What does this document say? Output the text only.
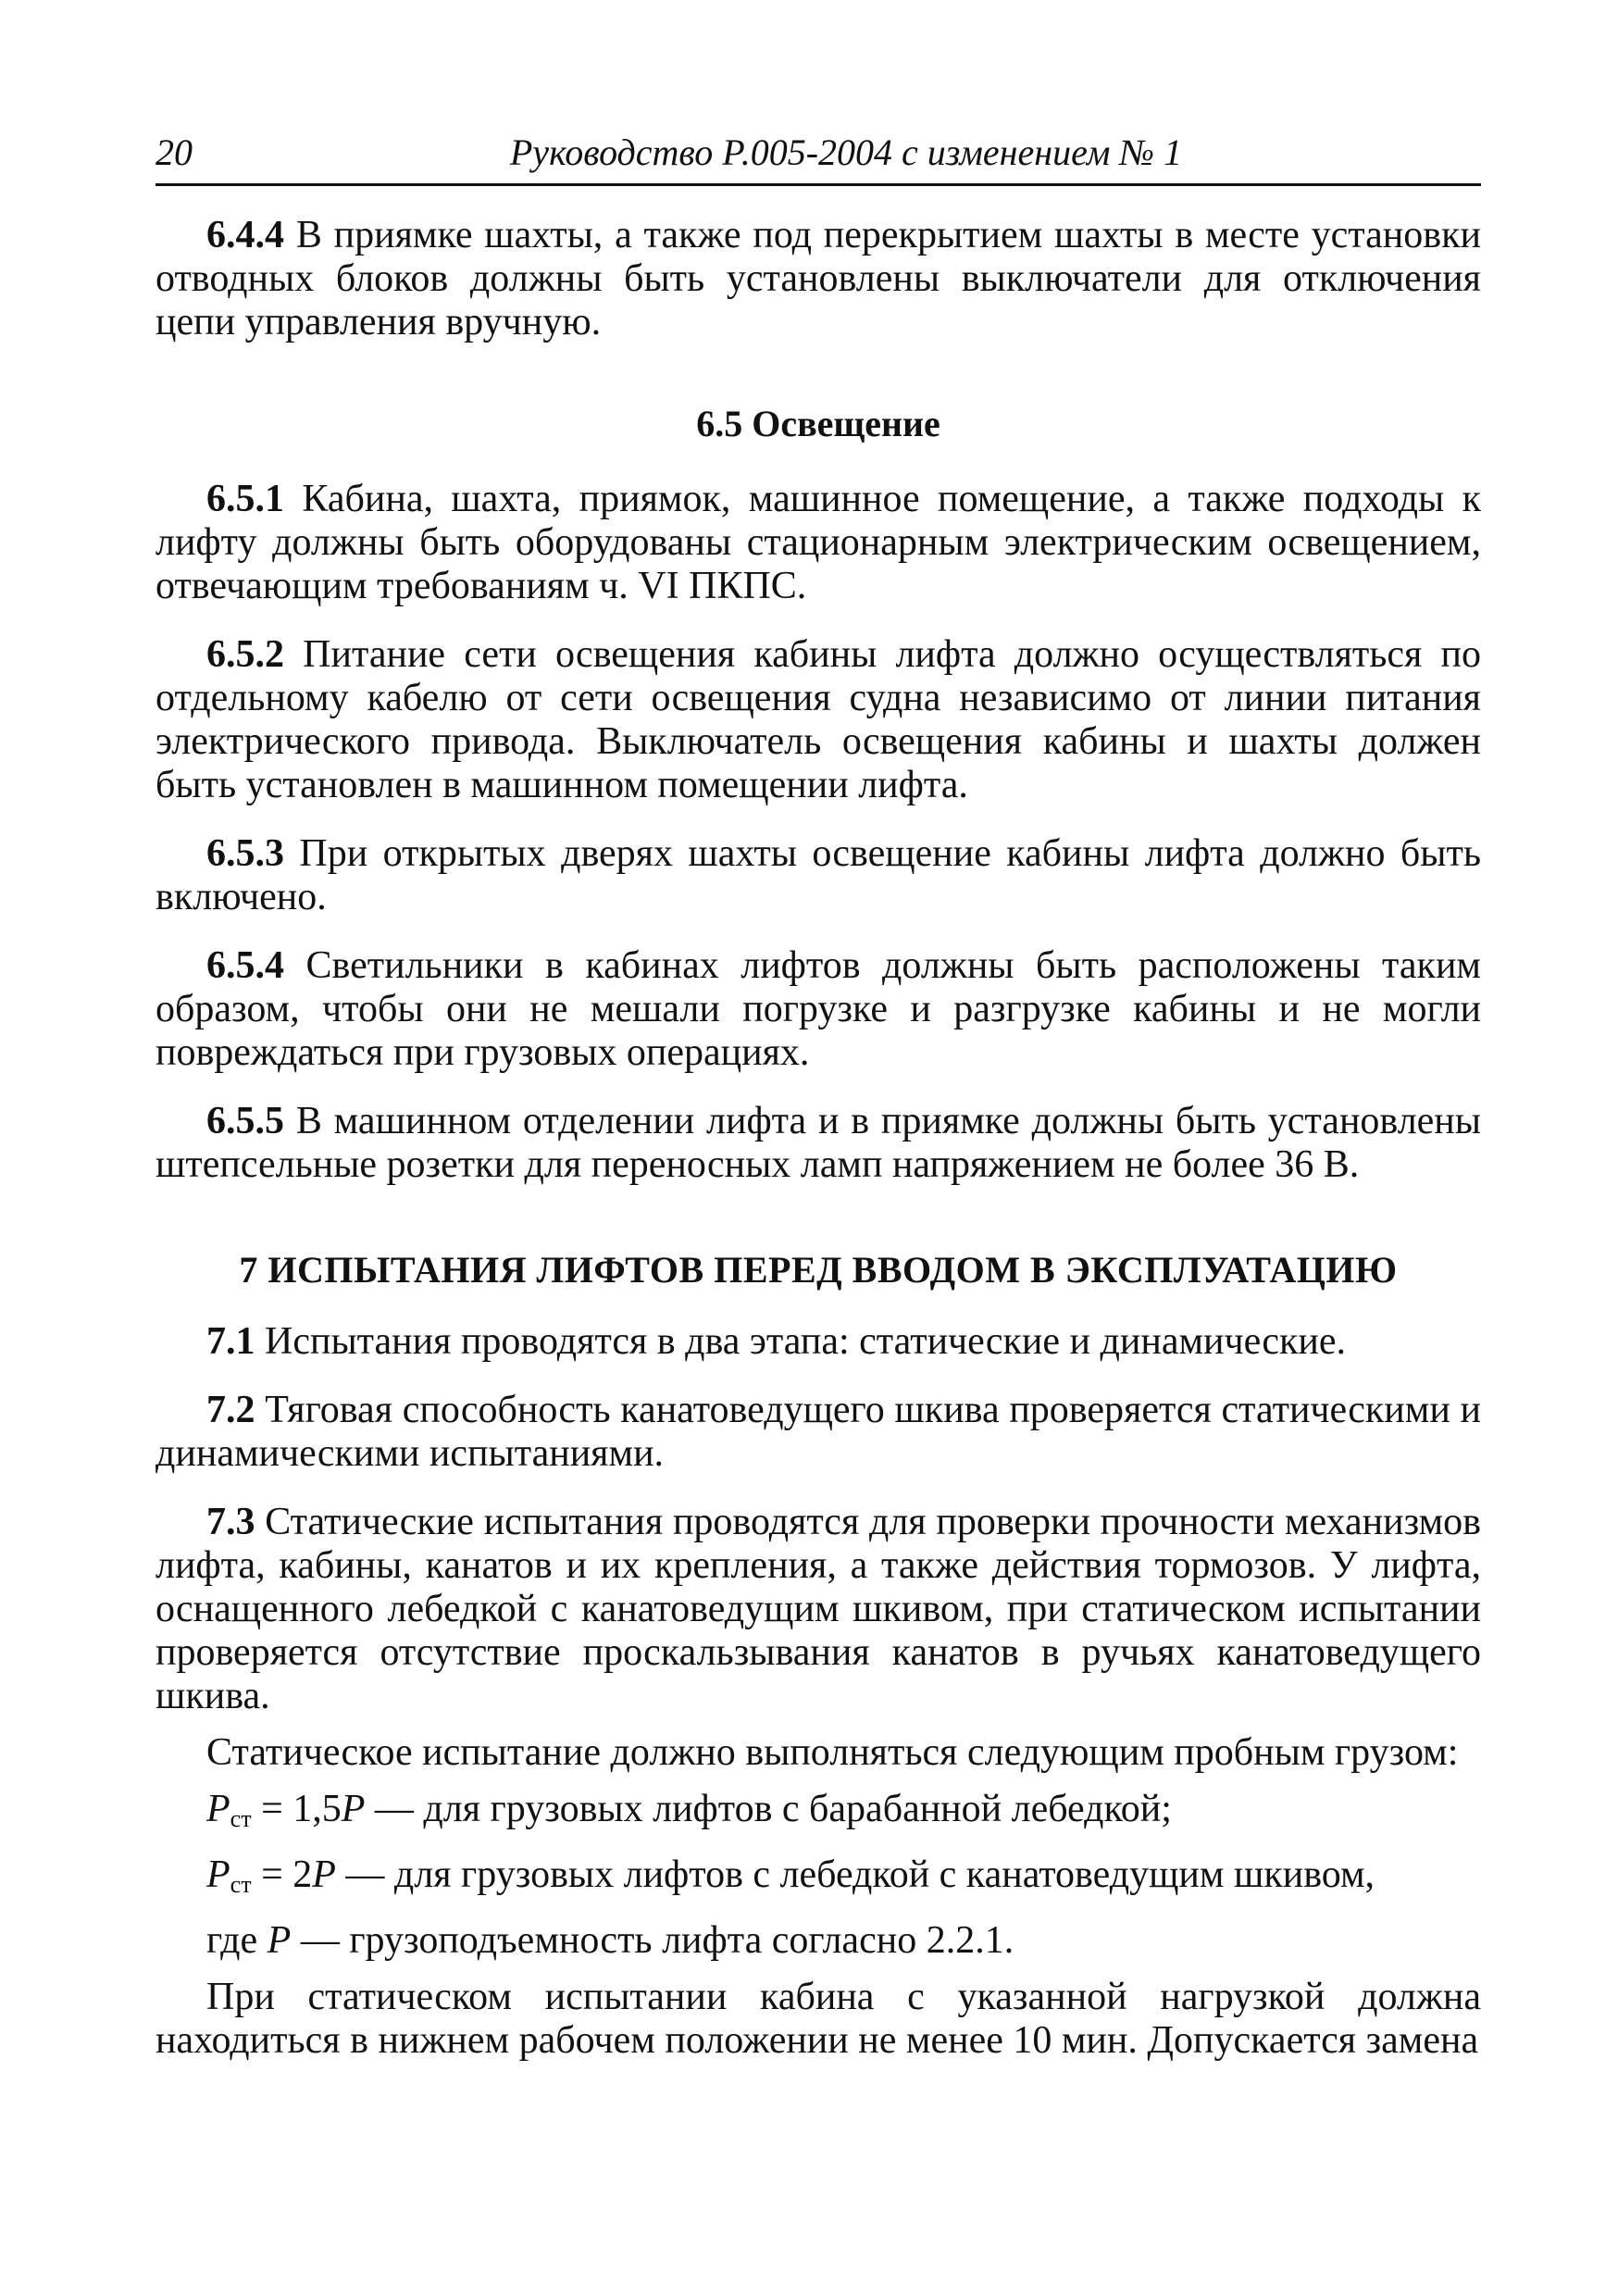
20	Руководство Р.005-2004 с изменением № 1

6.4.4 В приямке шахты, а также под перекрытием шахты в месте установки отводных блоков должны быть установлены выключатели для отключения цепи управления вручную.

6.5 Освещение

6.5.1 Кабина, шахта, приямок, машинное помещение, а также подходы к лифту должны быть оборудованы стационарным электрическим освещением, отвечающим требованиям ч. VI ПКПС.

6.5.2 Питание сети освещения кабины лифта должно осуществляться по отдельному кабелю от сети освещения судна независимо от линии питания электрического привода. Выключатель освещения кабины и шахты должен быть установлен в машинном помещении лифта.

6.5.3 При открытых дверях шахты освещение кабины лифта должно быть включено.

6.5.4 Светильники в кабинах лифтов должны быть расположены таким образом, чтобы они не мешали погрузке и разгрузке кабины и не могли повреждаться при грузовых операциях.

6.5.5 В машинном отделении лифта и в приямке должны быть установлены штепсельные розетки для переносных ламп напряжением не более 36 В.

7 ИСПЫТАНИЯ ЛИФТОВ ПЕРЕД ВВОДОМ В ЭКСПЛУАТАЦИЮ

7.1 Испытания проводятся в два этапа: статические и динамические.

7.2 Тяговая способность канатоведущего шкива проверяется статическими и динамическими испытаниями.

7.3 Статические испытания проводятся для проверки прочности механизмов лифта, кабины, канатов и их крепления, а также действия тормозов. У лифта, оснащенного лебедкой с канатоведущим шкивом, при статическом испытании проверяется отсутствие проскальзывания канатов в ручьях канатоведущего шкива.

Статическое испытание должно выполняться следующим пробным грузом:

$P_{ст} = 1,5P$ — для грузовых лифтов с барабанной лебедкой;

$P_{ст} = 2P$ — для грузовых лифтов с лебедкой с канатоведущим шкивом,

где P — грузоподъемность лифта согласно 2.2.1.

При статическом испытании кабина с указанной нагрузкой должна находиться в нижнем рабочем положении не менее 10 мин. Допускается замена
